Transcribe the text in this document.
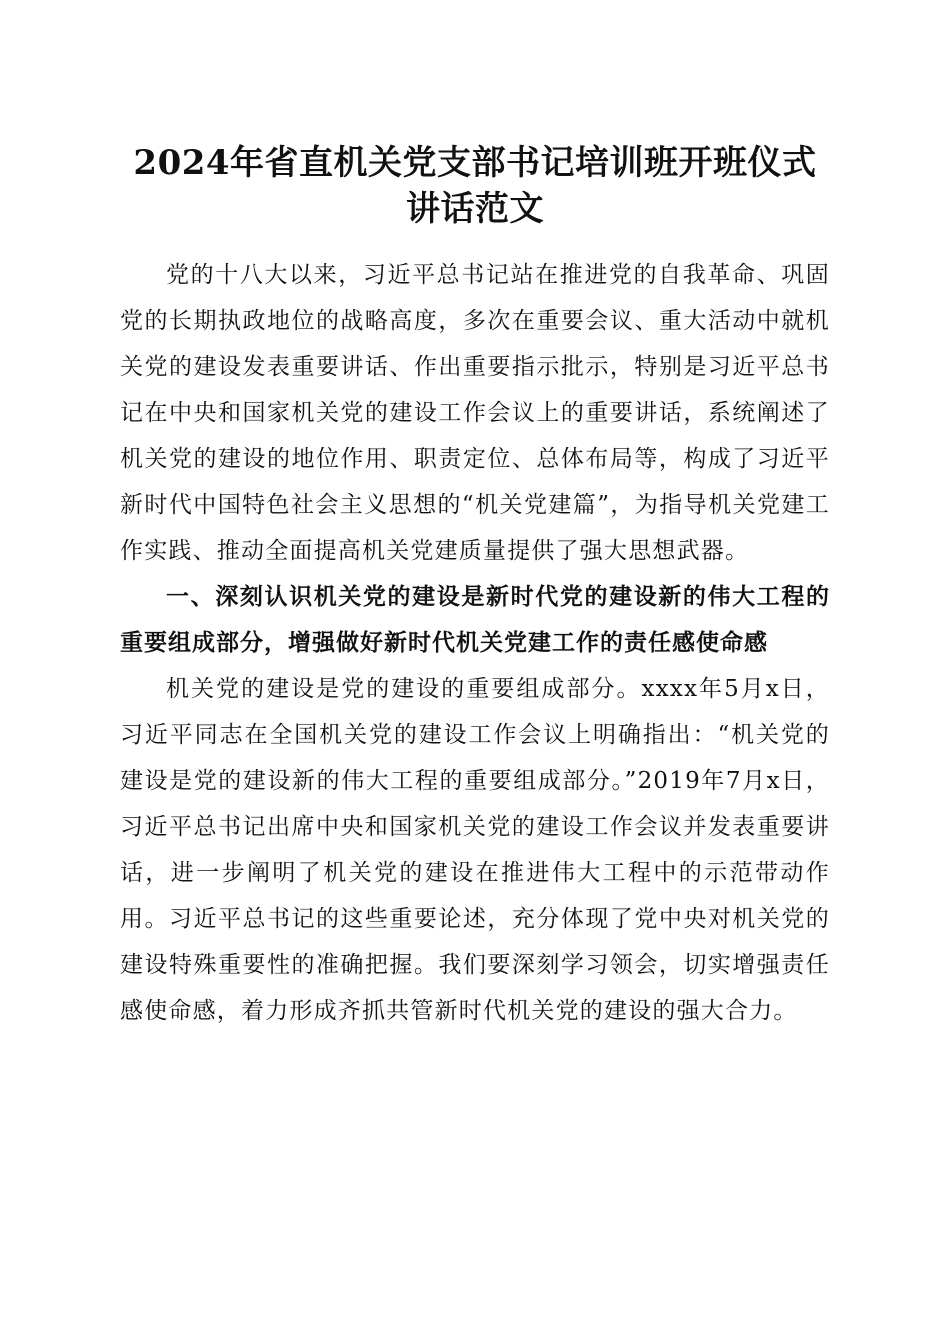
2024年省直机关党支部书记培训班开班仪式
讲话范文

党的十八大以来，习近平总书记站在推进党的自我革命、巩固党的长期执政地位的战略高度，多次在重要会议、重大活动中就机关党的建设发表重要讲话、作出重要指示批示，特别是习近平总书记在中央和国家机关党的建设工作会议上的重要讲话，系统阐述了机关党的建设的地位作用、职责定位、总体布局等，构成了习近平新时代中国特色社会主义思想的“机关党建篇”，为指导机关党建工作实践、推动全面提高机关党建质量提供了强大思想武器。

一、深刻认识机关党的建设是新时代党的建设新的伟大工程的重要组成部分，增强做好新时代机关党建工作的责任感使命感

机关党的建设是党的建设的重要组成部分。xxxx年5月x日，习近平同志在全国机关党的建设工作会议上明确指出：“机关党的建设是党的建设新的伟大工程的重要组成部分。”2019年7月x日，习近平总书记出席中央和国家机关党的建设工作会议并发表重要讲话，进一步阐明了机关党的建设在推进伟大工程中的示范带动作用。习近平总书记的这些重要论述，充分体现了党中央对机关党的建设特殊重要性的准确把握。我们要深刻学习领会，切实增强责任感使命感，着力形成齐抓共管新时代机关党的建设的强大合力。
